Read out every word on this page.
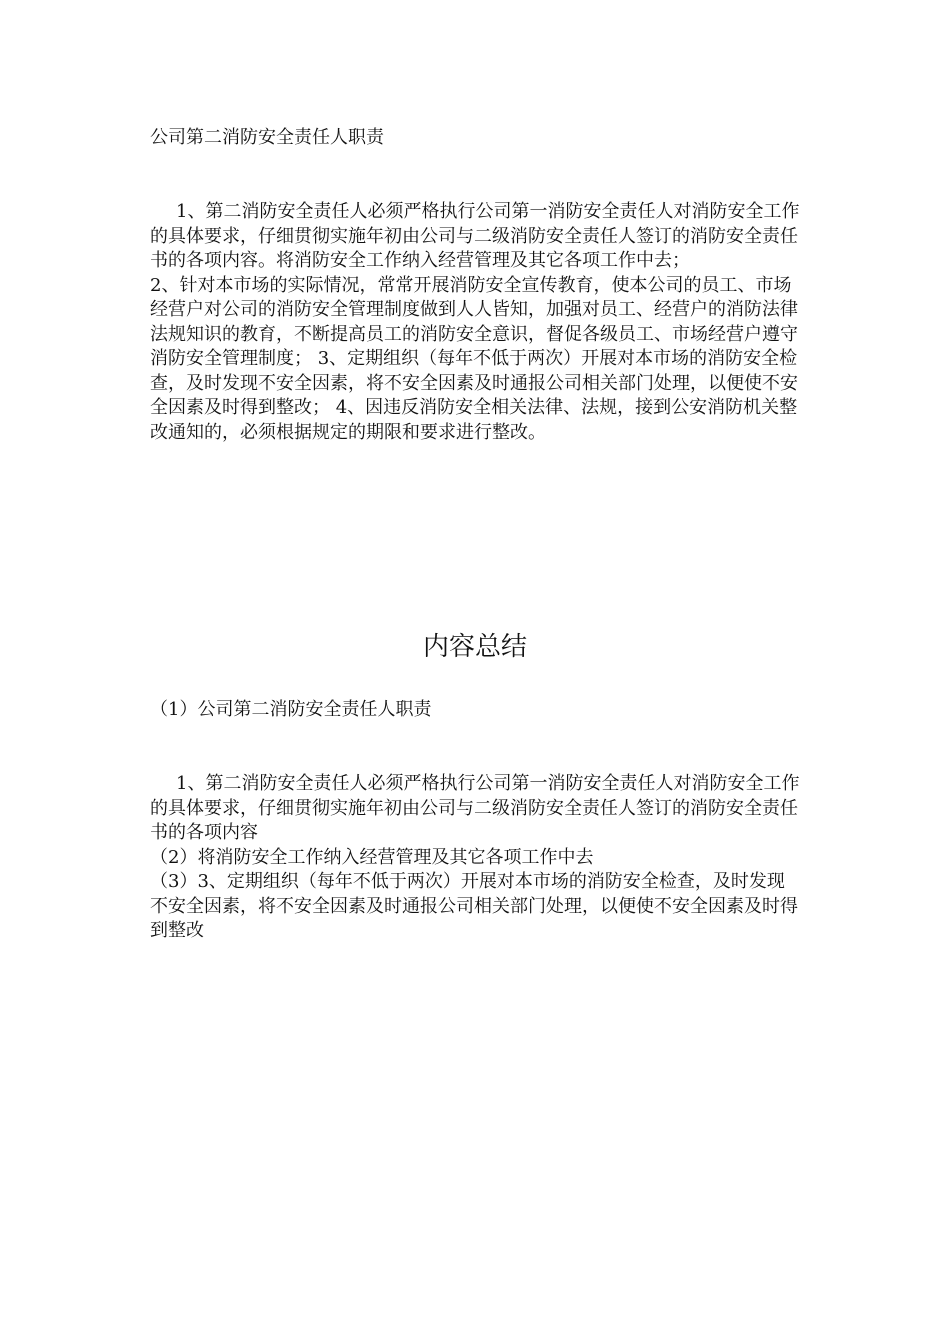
公司第二消防安全责任人职责

1、第二消防安全责任人必须严格执行公司第一消防安全责任人对消防安全工作的具体要求，仔细贯彻实施年初由公司与二级消防安全责任人签订的消防安全责任书的各项内容。将消防安全工作纳入经营管理及其它各项工作中去；

2、针对本市场的实际情况，常常开展消防安全宣传教育，使本公司的员工、市场经营户对公司的消防安全管理制度做到人人皆知，加强对员工、经营户的消防法律法规知识的教育，不断提高员工的消防安全意识，督促各级员工、市场经营户遵守消防安全管理制度； 3、定期组织（每年不低于两次）开展对本市场的消防安全检查，及时发现不安全因素，将不安全因素及时通报公司相关部门处理，以便使不安全因素及时得到整改； 4、因违反消防安全相关法律、法规，接到公安消防机关整改通知的，必须根据规定的期限和要求进行整改。

内容总结
（1）公司第二消防安全责任人职责

1、第二消防安全责任人必须严格执行公司第一消防安全责任人对消防安全工作的具体要求，仔细贯彻实施年初由公司与二级消防安全责任人签订的消防安全责任书的各项内容

（2）将消防安全工作纳入经营管理及其它各项工作中去

（3）3、定期组织（每年不低于两次）开展对本市场的消防安全检查，及时发现不安全因素，将不安全因素及时通报公司相关部门处理，以便使不安全因素及时得到整改
